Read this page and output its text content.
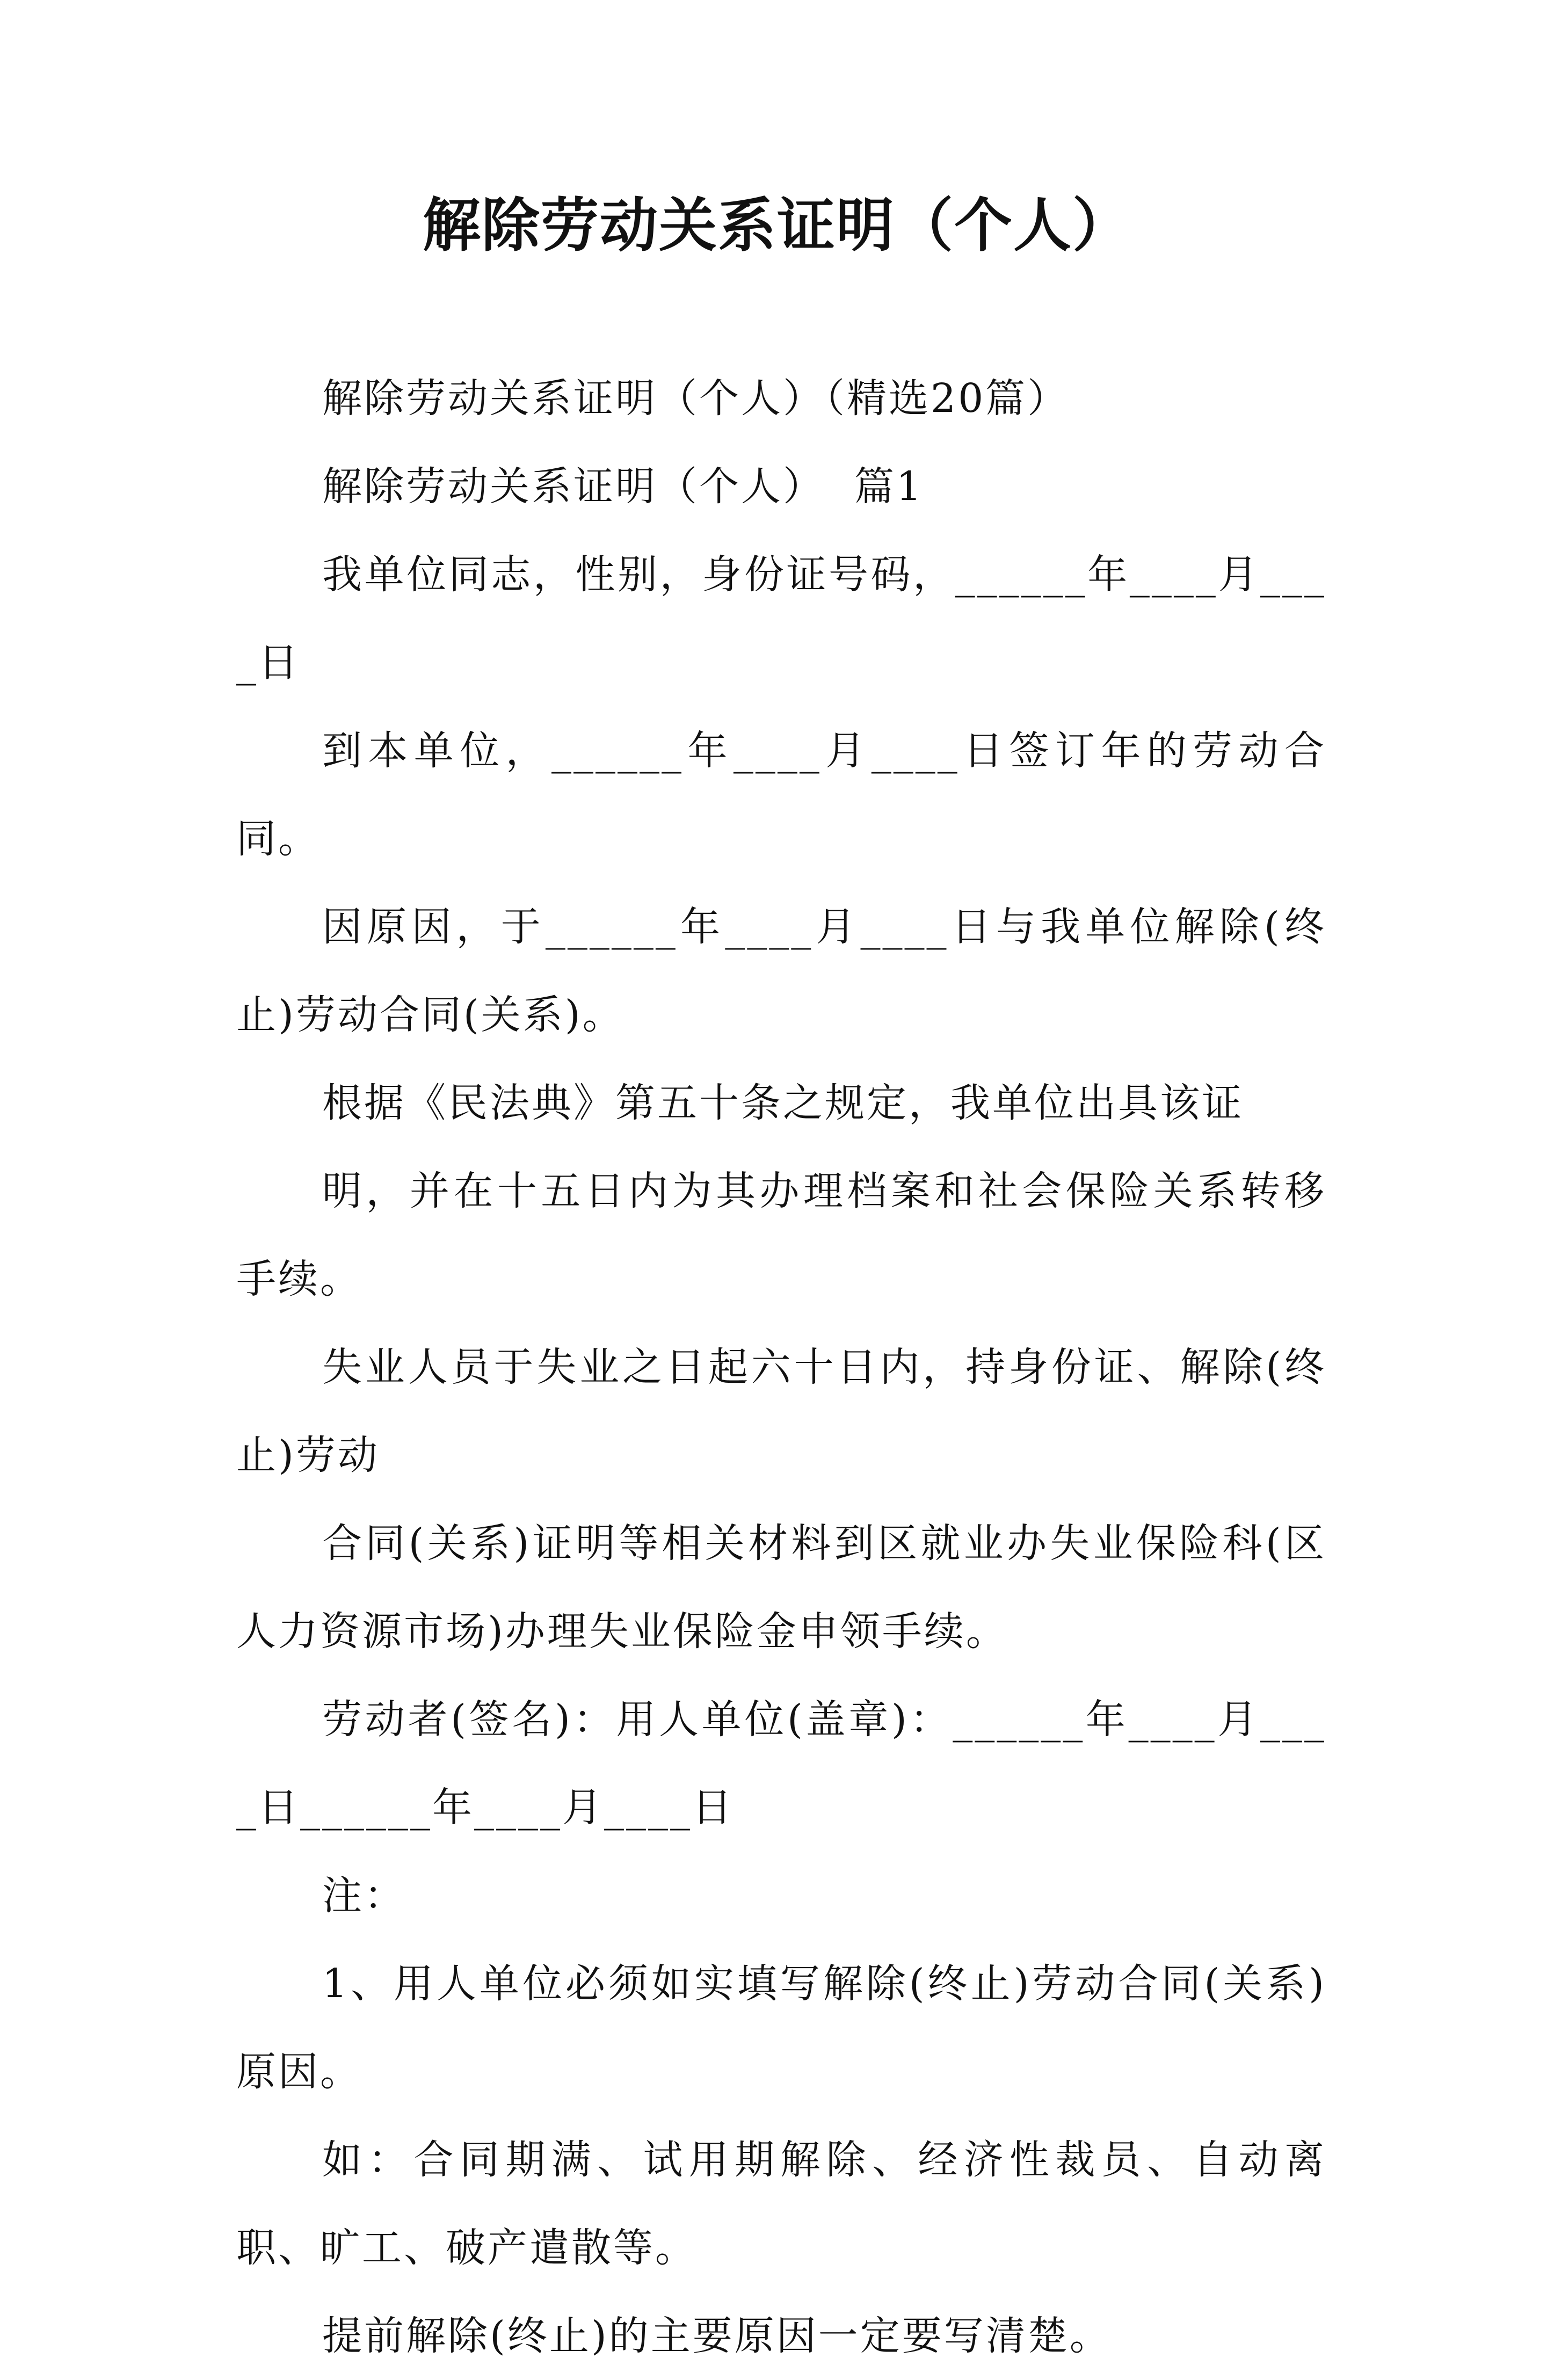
解除劳动关系证明（个人）

解除劳动关系证明（个人）（精选20篇）

解除劳动关系证明（个人）  篇1

我单位同志，性别，身份证号码，______年____月____日

到本单位，______年____月____日签订年的劳动合同。

因原因，于______年____月____日与我单位解除(终止)劳动合同(关系)。

根据《民法典》第五十条之规定，我单位出具该证

明，并在十五日内为其办理档案和社会保险关系转移手续。

失业人员于失业之日起六十日内，持身份证、解除(终止)劳动

合同(关系)证明等相关材料到区就业办失业保险科(区人力资源市场)办理失业保险金申领手续。

劳动者(签名)：用人单位(盖章)：______年____月____日______年____月____日

注：

1、用人单位必须如实填写解除(终止)劳动合同(关系)原因。

如：合同期满、试用期解除、经济性裁员、自动离职、旷工、破产遣散等。

提前解除(终止)的主要原因一定要写清楚。
